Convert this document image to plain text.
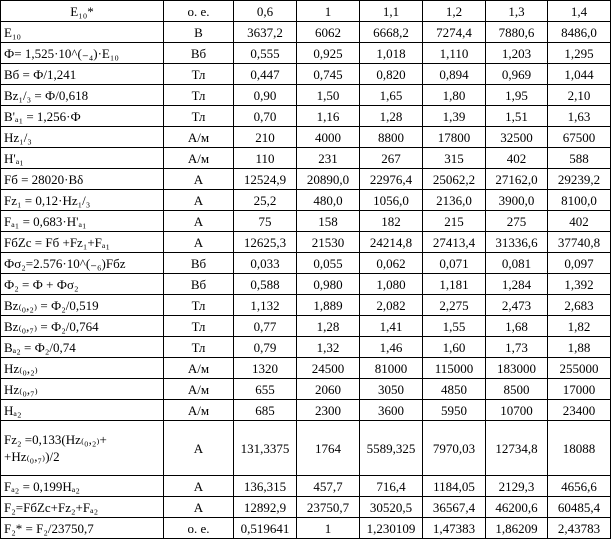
E₁₀*	о. е.	0,6	1	1,1	1,2	1,3	1,4
E₁₀	В	3637,2	6062	6668,2	7274,4	7880,6	8486,0
Ф= 1,525·10^(₋₄)·E₁₀	Вб	0,555	0,925	1,018	1,110	1,203	1,295
Bб = Ф/1,241	Тл	0,447	0,745	0,820	0,894	0,969	1,044
Bz₁/₃ = Ф/0,618	Тл	0,90	1,50	1,65	1,80	1,95	2,10
B'ₐ₁ = 1,256·Ф	Тл	0,70	1,16	1,28	1,39	1,51	1,63
Hz₁/₃	А/м	210	4000	8800	17800	32500	67500
H'ₐ₁	А/м	110	231	267	315	402	588
Fб = 28020·Bδ	А	12524,9	20890,0	22976,4	25062,2	27162,0	29239,2
Fz₁ = 0,12·Hz₁/₃	А	25,2	480,0	1056,0	2136,0	3900,0	8100,0
Fₐ₁ = 0,683·H'ₐ₁	А	75	158	182	215	275	402
FбZс = Fб +Fz₁+Fₐ₁	А	12625,3	21530	24214,8	27413,4	31336,6	37740,8
Фσ₂=2.576·10^(₋₆)Fбz	Вб	0,033	0,055	0,062	0,071	0,081	0,097
Ф₂ = Ф + Фσ₂	Вб	0,588	0,980	1,080	1,181	1,284	1,392
Bz₍₀,₂₎ = Ф₂/0,519	Тл	1,132	1,889	2,082	2,275	2,473	2,683
Bz₍₀,₇₎ = Ф₂/0,764	Тл	0,77	1,28	1,41	1,55	1,68	1,82
Bₐ₂ = Ф₂/0,74	Тл	0,79	1,32	1,46	1,60	1,73	1,88
Hz₍₀,₂₎	А/м	1320	24500	81000	115000	183000	255000
Hz₍₀,₇₎	А/м	655	2060	3050	4850	8500	17000
Hₐ₂	А/м	685	2300	3600	5950	10700	23400
Fz₂ =0,133(Hz₍₀,₂₎+ +Hz₍₀,₇₎)/2	А	131,3375	1764	5589,325	7970,03	12734,8	18088
Fₐ₂ = 0,199Hₐ₂	А	136,315	457,7	716,4	1184,05	2129,3	4656,6
F₂=FбZс+Fz₂+Fₐ₂	А	12892,9	23750,7	30520,5	36567,4	46200,6	60485,4
F₂* = F₂/23750,7	о. е.	0,519641	1	1,230109	1,47383	1,86209	2,43783
